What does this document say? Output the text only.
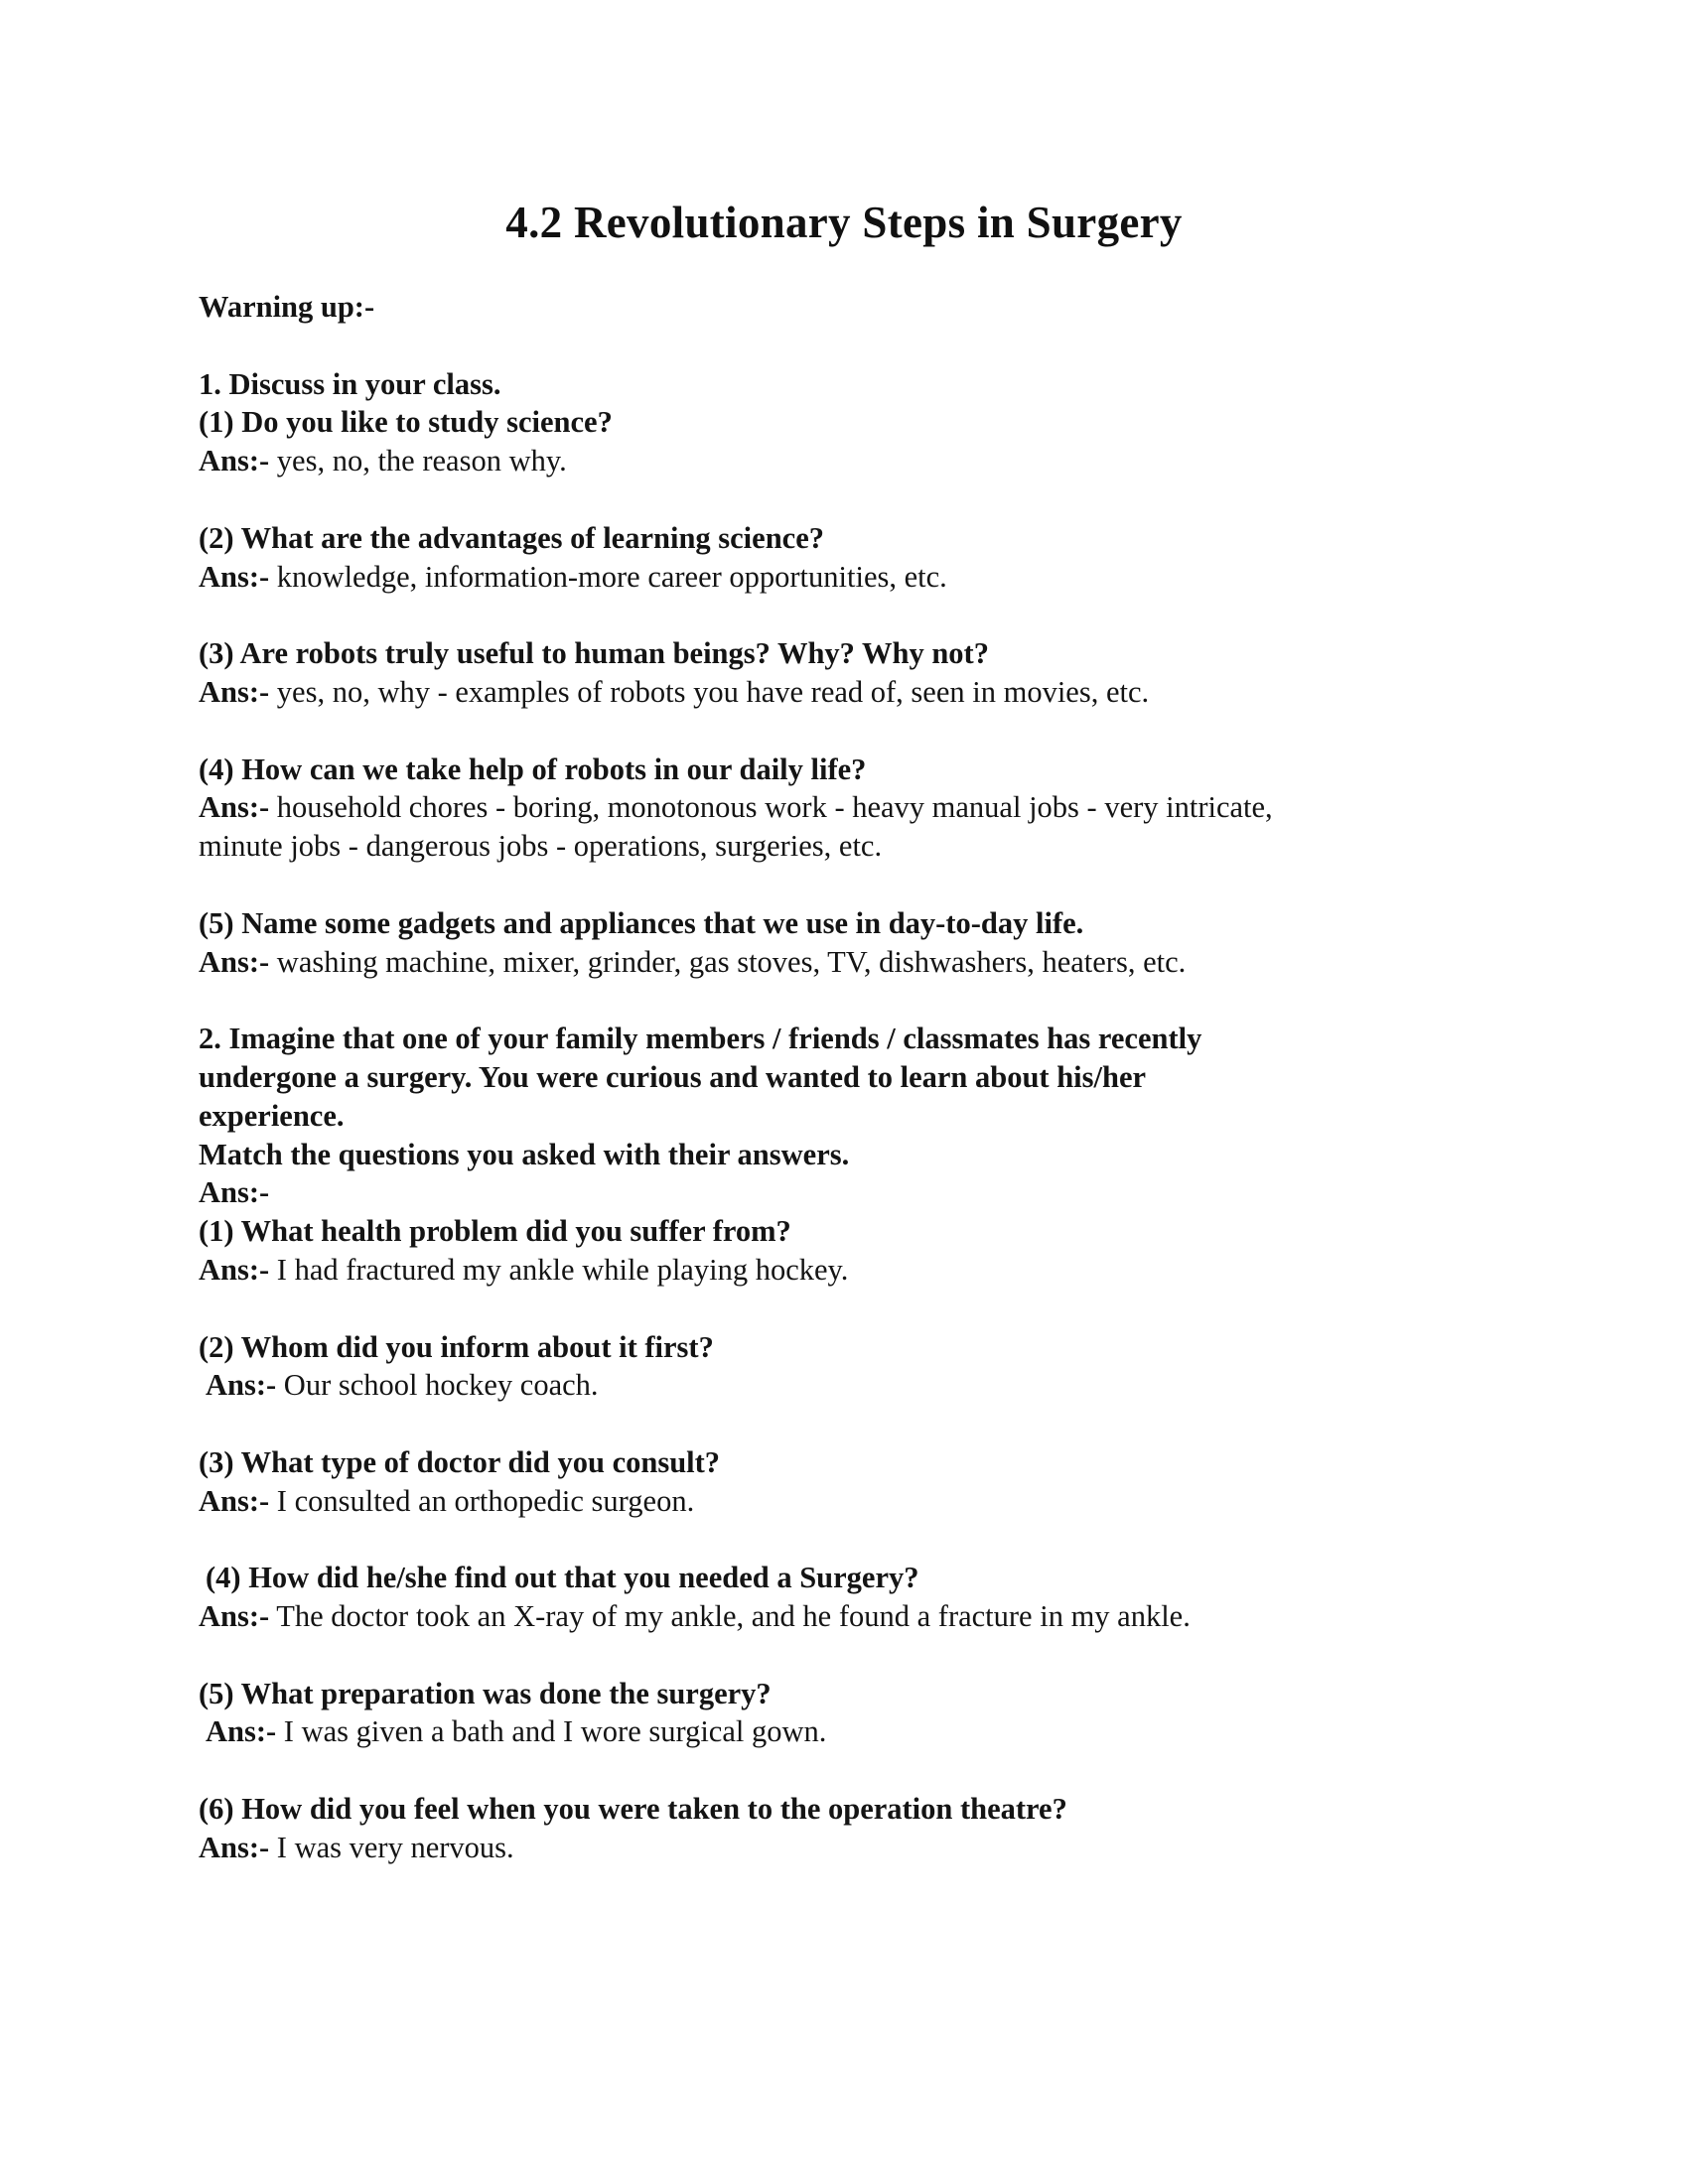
4.2 Revolutionary Steps in Surgery
Warning up:-
1. Discuss in your class.
(1) Do you like to study science?
Ans:- yes, no, the reason why.
(2) What are the advantages of learning science?
Ans:- knowledge, information-more career opportunities, etc.
(3) Are robots truly useful to human beings? Why? Why not?
Ans:- yes, no, why - examples of robots you have read of, seen in movies, etc.
(4) How can we take help of robots in our daily life?
Ans:- household chores - boring, monotonous work - heavy manual jobs - very intricate,
minute jobs - dangerous jobs - operations, surgeries, etc.
(5) Name some gadgets and appliances that we use in day-to-day life.
Ans:- washing machine, mixer, grinder, gas stoves, TV, dishwashers, heaters, etc.
2. Imagine that one of your family members / friends / classmates has recently
undergone a surgery. You were curious and wanted to learn about his/her
experience.
Match the questions you asked with their answers.
Ans:-
(1) What health problem did you suffer from?
Ans:- I had fractured my ankle while playing hockey.
(2) Whom did you inform about it first?
Ans:- Our school hockey coach.
(3) What type of doctor did you consult?
Ans:- I consulted an orthopedic surgeon.
(4) How did he/she find out that you needed a Surgery?
Ans:- The doctor took an X-ray of my ankle, and he found a fracture in my ankle.
(5) What preparation was done the surgery?
Ans:- I was given a bath and I wore surgical gown.
(6) How did you feel when you were taken to the operation theatre?
Ans:- I was very nervous.
